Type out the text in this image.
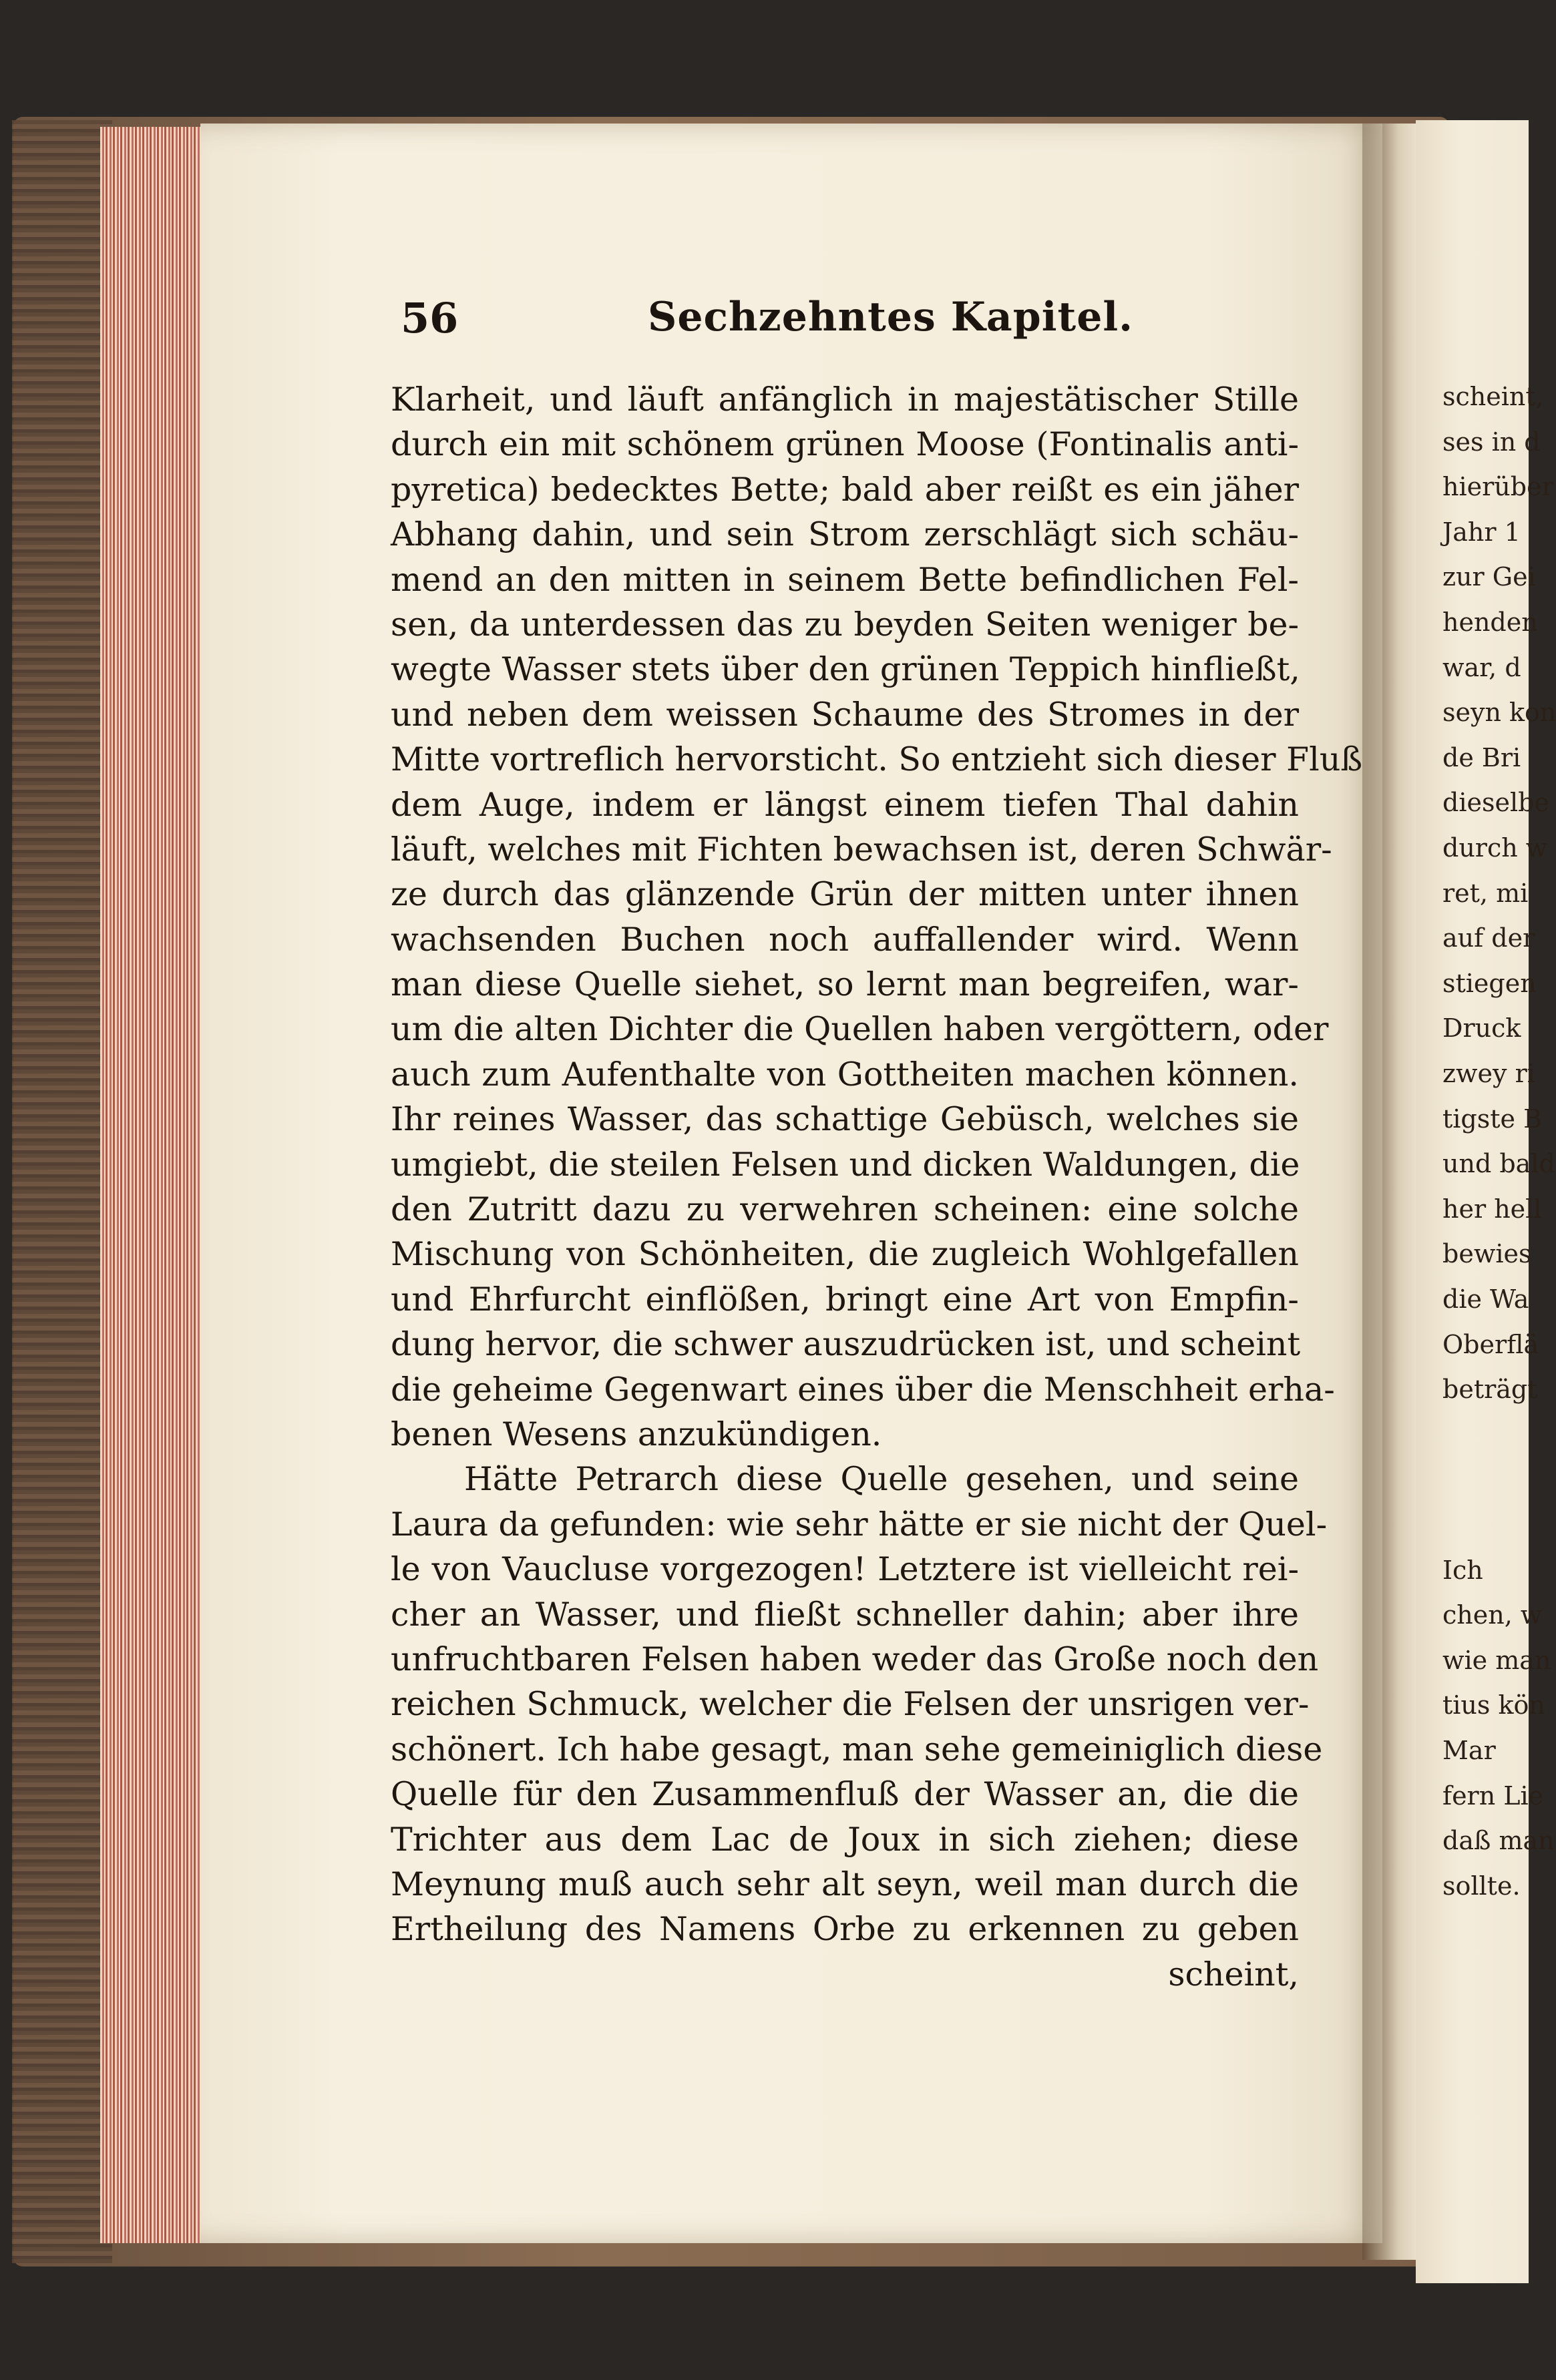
scheint,
ses in d
hierüber
Jahr 1
zur Gei
henden
war, d
seyn kon
de Bri
dieselbe
durch w
ret, mi
auf der
stiegen
Druck
zwey ri
tigste B
und bald
her hell
bewies
die Wa
Oberflä
beträgt
Ich
chen, w
wie man
tius kön
Mar
fern Lie
daß man
sollte.
56	Sechzehntes Kapitel.
Klarheit, und läuft anfänglich in majestätischer Stille
durch ein mit schönem grünen Moose (Fontinalis anti-
pyretica) bedecktes Bette; bald aber reißt es ein jäher
Abhang dahin, und sein Strom zerschlägt sich schäu-
mend an den mitten in seinem Bette befindlichen Fel-
sen, da unterdessen das zu beyden Seiten weniger be-
wegte Wasser stets über den grünen Teppich hinfließt,
und neben dem weissen Schaume des Stromes in der
Mitte vortreflich hervorsticht. So entzieht sich dieser Fluß
dem Auge, indem er längst einem tiefen Thal dahin
läuft, welches mit Fichten bewachsen ist, deren Schwär-
ze durch das glänzende Grün der mitten unter ihnen
wachsenden Buchen noch auffallender wird. Wenn
man diese Quelle siehet, so lernt man begreifen, war-
um die alten Dichter die Quellen haben vergöttern, oder
auch zum Aufenthalte von Gottheiten machen können.
Ihr reines Wasser, das schattige Gebüsch, welches sie
umgiebt, die steilen Felsen und dicken Waldungen, die
den Zutritt dazu zu verwehren scheinen: eine solche
Mischung von Schönheiten, die zugleich Wohlgefallen
und Ehrfurcht einflößen, bringt eine Art von Empfin-
dung hervor, die schwer auszudrücken ist, und scheint
die geheime Gegenwart eines über die Menschheit erha-
benen Wesens anzukündigen.
Hätte Petrarch diese Quelle gesehen, und seine
Laura da gefunden: wie sehr hätte er sie nicht der Quel-
le von Vaucluse vorgezogen! Letztere ist vielleicht rei-
cher an Wasser, und fließt schneller dahin; aber ihre
unfruchtbaren Felsen haben weder das Große noch den
reichen Schmuck, welcher die Felsen der unsrigen ver-
schönert. Ich habe gesagt, man sehe gemeiniglich diese
Quelle für den Zusammenfluß der Wasser an, die die
Trichter aus dem Lac de Joux in sich ziehen; diese
Meynung muß auch sehr alt seyn, weil man durch die
Ertheilung des Namens Orbe zu erkennen zu geben
scheint,
